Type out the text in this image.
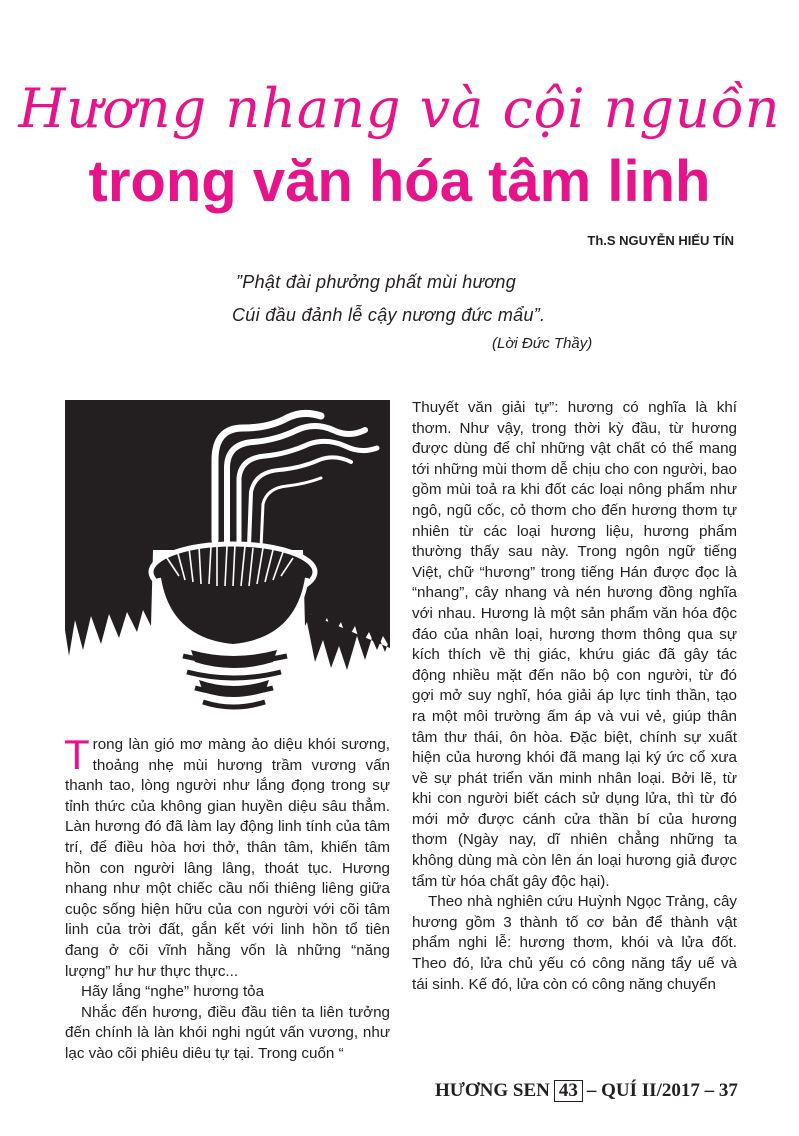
Hương nhang và cội nguồn
trong văn hóa tâm linh
Th.S NGUYỄN HIẾU TÍN
”Phật đài phưởng phất mùi hương
Cúi đầu đảnh lễ cậy nương đức mẩu”.
(Lời Đức Thầy)

Trong làn gió mơ màng ảo diệu khói sương, thoảng nhẹ mùi hương trầm vương vấn thanh tao, lòng người như lắng đọng trong sự tỉnh thức của không gian huyền diệu sâu thẳm. Làn hương đó đã làm lay động linh tính của tâm trí, để điều hòa hơi thở, thân tâm, khiến tâm hồn con người lâng lâng, thoát tục. Hương nhang như một chiếc cầu nối thiêng liêng giữa cuộc sống hiện hữu của con người với cõi tâm linh của trời đất, gắn kết với linh hồn tổ tiên đang ở cõi vĩnh hằng vốn là những “năng lượng” hư hư thực thực...

Hãy lắng “nghe” hương tỏa

Nhắc đến hương, điều đầu tiên ta liên tưởng đến chính là làn khói nghi ngút vấn vương, như lạc vào cõi phiêu diêu tự tại. Trong cuốn “

Thuyết văn giải tự”: hương có nghĩa là khí thơm. Như vậy, trong thời kỳ đầu, từ hương được dùng để chỉ những vật chất có thể mang tới những mùi thơm dễ chịu cho con người, bao gồm mùi toả ra khi đốt các loại nông phẩm như ngô, ngũ cốc, cỏ thơm cho đến hương thơm tự nhiên từ các loại hương liệu, hương phẩm thường thấy sau này. Trong ngôn ngữ tiếng Việt, chữ “hương” trong tiếng Hán được đọc là “nhang”, cây nhang và nén hương đồng nghĩa với nhau. Hương là một sản phẩm văn hóa độc đáo của nhân loại, hương thơm thông qua sự kích thích về thị giác, khứu giác đã gây tác động nhiều mặt đến não bộ con người, từ đó gợi mở suy nghĩ, hóa giải áp lực tinh thần, tạo ra một môi trường ấm áp và vui vẻ, giúp thân tâm thư thái, ôn hòa. Đặc biệt, chính sự xuất hiện của hương khói đã mang lại ký ức cổ xưa về sự phát triển văn minh nhân loại. Bởi lẽ, từ khi con người biết cách sử dụng lửa, thì từ đó mới mở được cánh cửa thần bí của hương thơm (Ngày nay, dĩ nhiên chẳng những ta không dùng mà còn lên án loại hương giả được tẩm từ hóa chất gây độc hại).

Theo nhà nghiên cứu Huỳnh Ngọc Trảng, cây hương gồm 3 thành tố cơ bản để thành vật phẩm nghi lễ: hương thơm, khói và lửa đốt. Theo đó, lửa chủ yếu có công năng tẩy uế và tái sinh. Kế đó, lửa còn có công năng chuyển

HƯƠNG SEN 43 – QUÍ II/2017 – 37
